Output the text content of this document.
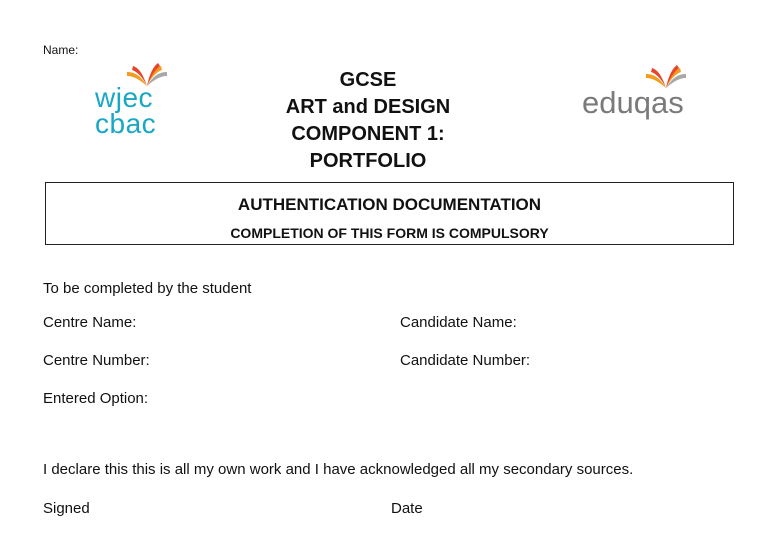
Name:
wjec
cbac
GCSE
ART and DESIGN
COMPONENT 1:
PORTFOLIO
eduqas
AUTHENTICATION DOCUMENTATION
COMPLETION OF THIS FORM IS COMPULSORY
To be completed by the student
Centre Name:	Candidate Name:
Centre Number:	Candidate Number:
Entered Option:
I declare this this is all my own work and I have acknowledged all my secondary sources.
Signed	Date
